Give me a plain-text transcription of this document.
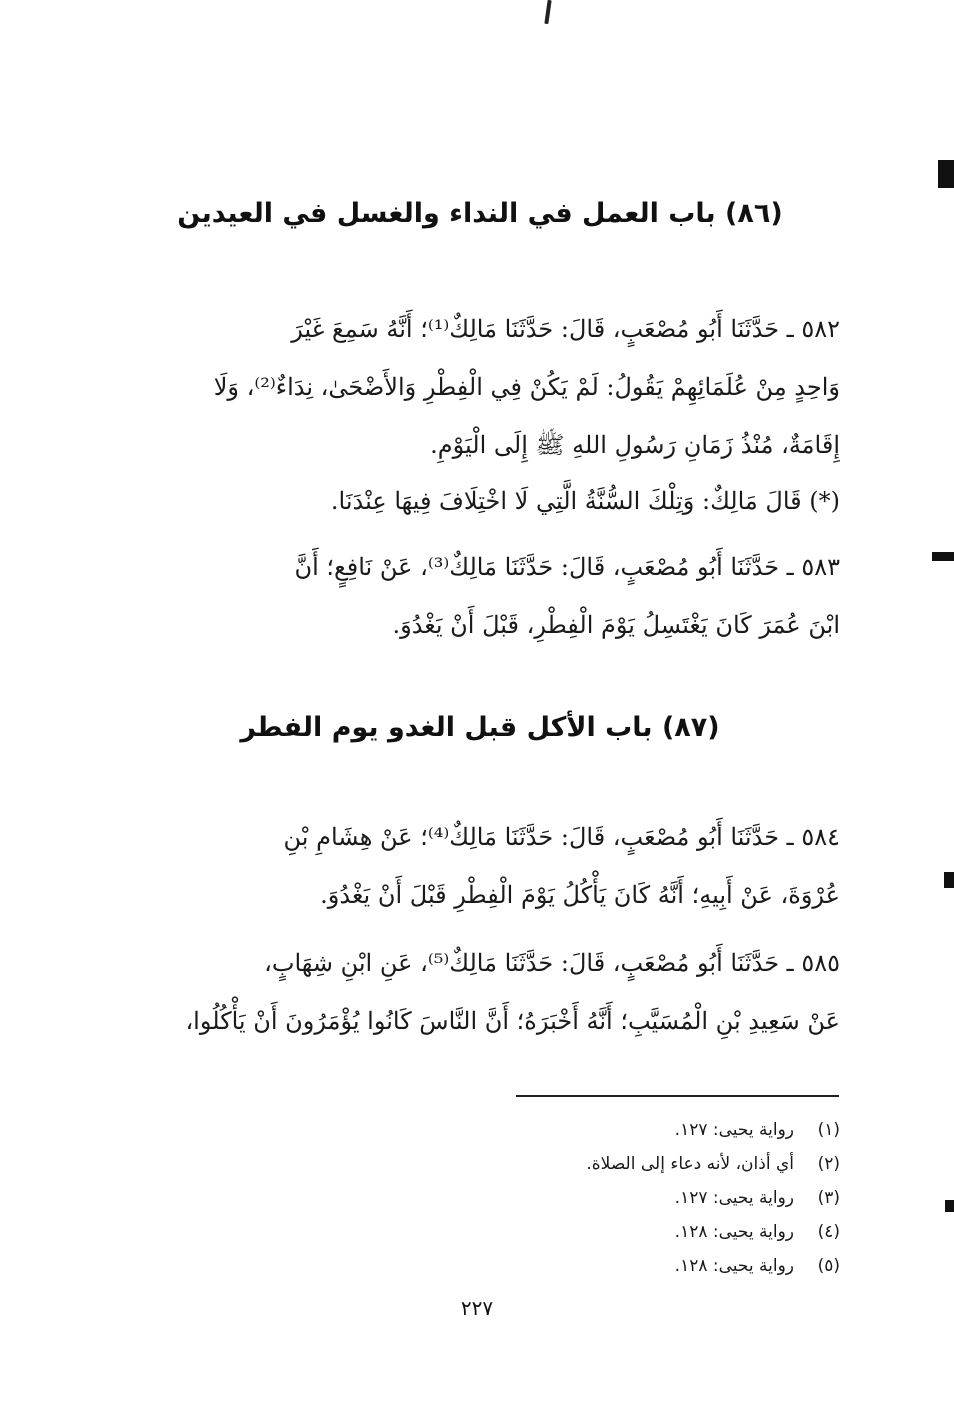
(٨٦) باب العمل في النداء والغسل في العيدين
٥٨٢ ـ حَدَّثَنَا أَبُو مُصْعَبٍ، قَالَ: حَدَّثَنَا مَالِكٌ⁽¹⁾؛ أَنَّهُ سَمِعَ غَيْرَ
وَاحِدٍ مِنْ عُلَمَائِهِمْ يَقُولُ: لَمْ يَكُنْ فِي الْفِطْرِ وَالأَضْحَىٰ، نِدَاءٌ⁽²⁾، وَلَا
إِقَامَةٌ، مُنْذُ زَمَانِ رَسُولِ اللهِ ﷺ إِلَى الْيَوْمِ.
(*) قَالَ مَالِكٌ: وَتِلْكَ السُّنَّةُ الَّتِي لَا اخْتِلَافَ فِيهَا عِنْدَنَا.
٥٨٣ ـ حَدَّثَنَا أَبُو مُصْعَبٍ، قَالَ: حَدَّثَنَا مَالِكٌ⁽³⁾، عَنْ نَافِعٍ؛ أَنَّ
ابْنَ عُمَرَ كَانَ يَغْتَسِلُ يَوْمَ الْفِطْرِ، قَبْلَ أَنْ يَغْدُوَ.
(٨٧) باب الأكل قبل الغدو يوم الفطر
٥٨٤ ـ حَدَّثَنَا أَبُو مُصْعَبٍ، قَالَ: حَدَّثَنَا مَالِكٌ⁽⁴⁾؛ عَنْ هِشَامِ بْنِ
عُرْوَةَ، عَنْ أَبِيهِ؛ أَنَّهُ كَانَ يَأْكُلُ يَوْمَ الْفِطْرِ قَبْلَ أَنْ يَغْدُوَ.
٥٨٥ ـ حَدَّثَنَا أَبُو مُصْعَبٍ، قَالَ: حَدَّثَنَا مَالِكٌ⁽⁵⁾، عَنِ ابْنِ شِهَابٍ،
عَنْ سَعِيدِ بْنِ الْمُسَيَّبِ؛ أَنَّهُ أَخْبَرَهُ؛ أَنَّ النَّاسَ كَانُوا يُؤْمَرُونَ أَنْ يَأْكُلُوا،
(١)رواية يحيى: ١٢٧.
(٢)أي أذان، لأنه دعاء إلى الصلاة.
(٣)رواية يحيى: ١٢٧.
(٤)رواية يحيى: ١٢٨.
(٥)رواية يحيى: ١٢٨.
٢٢٧
